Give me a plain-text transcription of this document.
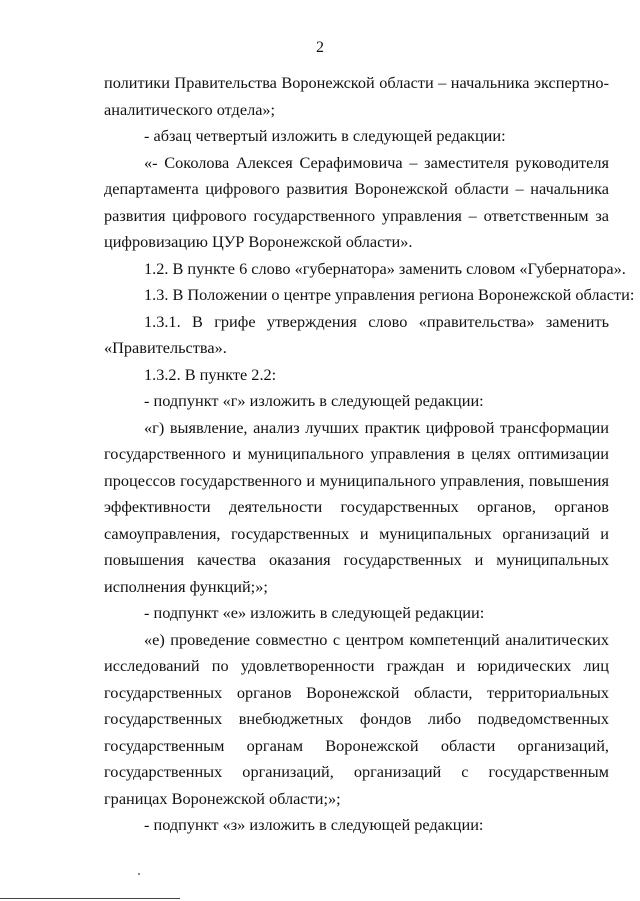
2
политики Правительства Воронежской области – начальника экспертно-
аналитического отдела»;
- абзац четвертый изложить в следующей редакции:
«- Соколова Алексея Серафимовича – заместителя руководителя
департамента цифрового развития Воронежской области – начальника
развития цифрового государственного управления – ответственным за
цифровизацию ЦУР Воронежской области».
1.2. В пункте 6 слово «губернатора» заменить словом «Губернатора».
1.3. В Положении о центре управления региона Воронежской области:
1.3.1. В грифе утверждения слово «правительства» заменить
«Правительства».
1.3.2. В пункте 2.2:
- подпункт «г» изложить в следующей редакции:
«г) выявление, анализ лучших практик цифровой трансформации
государственного и муниципального управления в целях оптимизации
процессов государственного и муниципального управления, повышения
эффективности деятельности государственных органов, органов
самоуправления, государственных и муниципальных организаций и
повышения качества оказания государственных и муниципальных
исполнения функций;»;
- подпункт «е» изложить в следующей редакции:
«е) проведение совместно с центром компетенций аналитических
исследований по удовлетворенности граждан и юридических лиц
государственных органов Воронежской области, территориальных
государственных внебюджетных фондов либо подведомственных
государственным органам Воронежской области организаций,
государственных организаций, организаций с государственным
границах Воронежской области;»;
- подпункт «з» изложить в следующей редакции:
